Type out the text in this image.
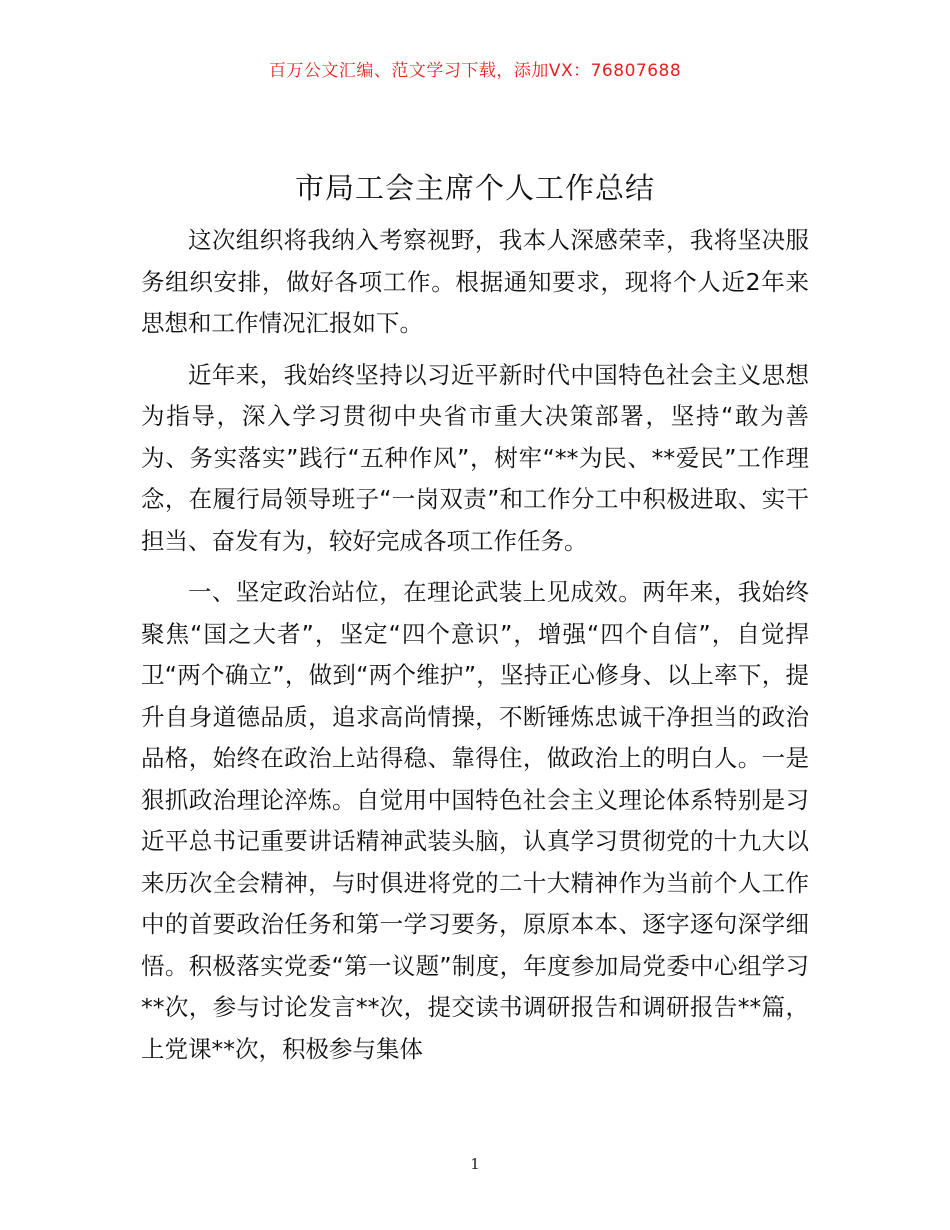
百万公文汇编、范文学习下载，添加VX：76807688
市局工会主席个人工作总结

这次组织将我纳入考察视野，我本人深感荣幸，我将坚决服务组织安排，做好各项工作。根据通知要求，现将个人近2年来思想和工作情况汇报如下。

近年来，我始终坚持以习近平新时代中国特色社会主义思想为指导，深入学习贯彻中央省市重大决策部署，坚持“敢为善为、务实落实”践行“五种作风”，树牢“**为民、**爱民”工作理念，在履行局领导班子“一岗双责”和工作分工中积极进取、实干担当、奋发有为，较好完成各项工作任务。

一、坚定政治站位，在理论武装上见成效。两年来，我始终聚焦“国之大者”，坚定“四个意识”，增强“四个自信”，自觉捍卫“两个确立”，做到“两个维护”，坚持正心修身、以上率下，提升自身道德品质，追求高尚情操，不断锤炼忠诚干净担当的政治品格，始终在政治上站得稳、靠得住，做政治上的明白人。一是狠抓政治理论淬炼。自觉用中国特色社会主义理论体系特别是习近平总书记重要讲话精神武装头脑，认真学习贯彻党的十九大以来历次全会精神，与时俱进将党的二十大精神作为当前个人工作中的首要政治任务和第一学习要务，原原本本、逐字逐句深学细悟。积极落实党委“第一议题”制度，年度参加局党委中心组学习**次，参与讨论发言**次，提交读书调研报告和调研报告**篇，上党课**次，积极参与集体

1
